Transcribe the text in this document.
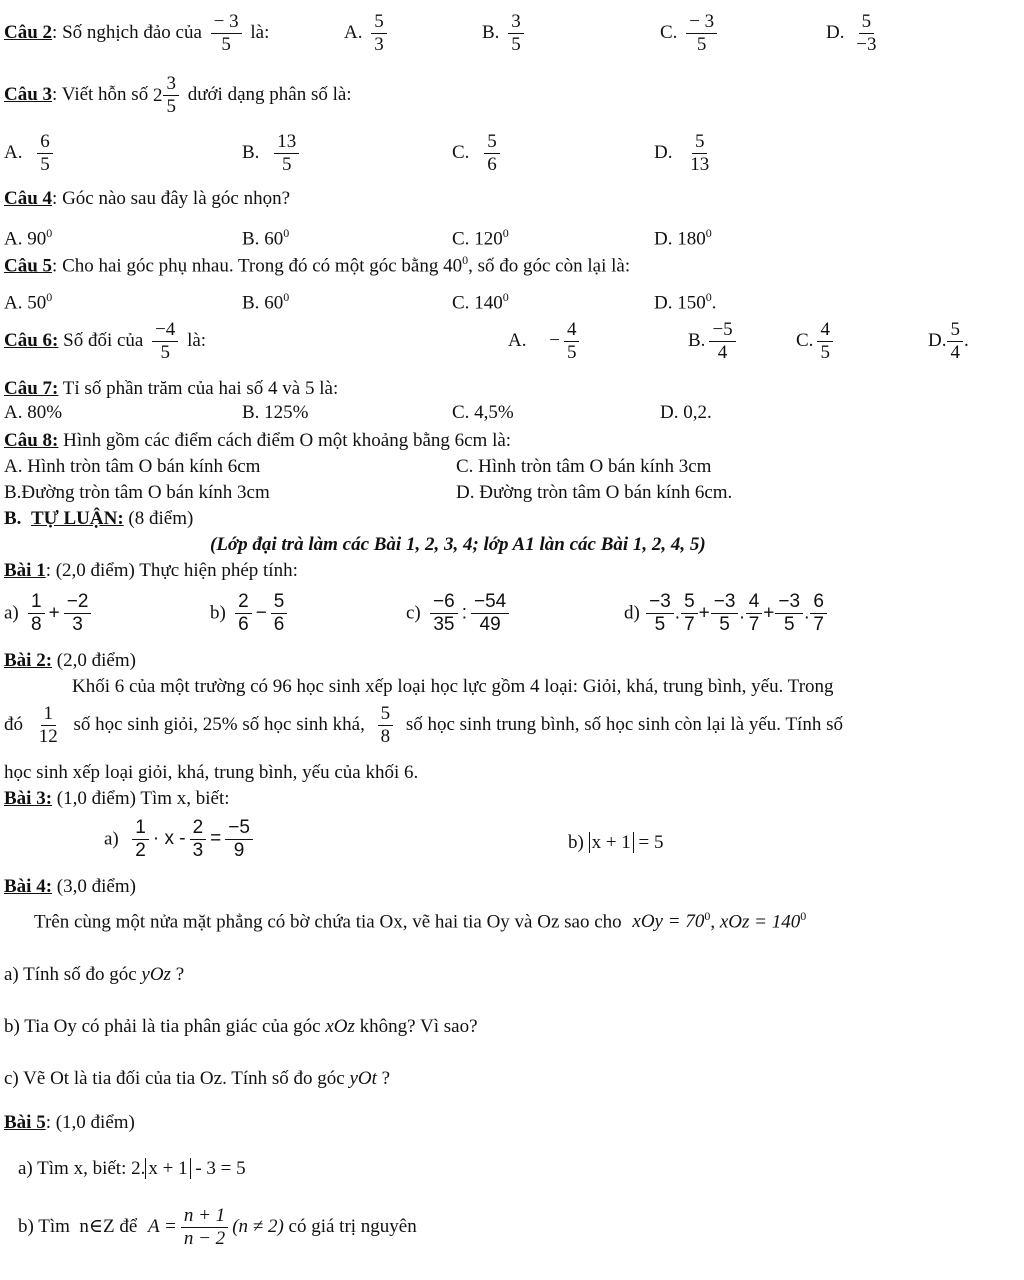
Câu 2: Số nghịch đảo của $\frac{- 3}{5}$ là:	A. $\frac{5}{3}$	B. $\frac{3}{5}$	C. $\frac{- 3}{5}$	D. $\frac{5}{-3}$
Câu 3: Viết hỗn số $2 \frac{3}{5}$ dưới dạng phân số là:
A. $\frac{6}{5}$	B. $\frac{13}{5}$	C. $\frac{5}{6}$	D. $\frac{5}{13}$
Câu 4: Góc nào sau đây là góc nhọn?
A. $90^0$	B. $60^0$	C. $120^0$	D. $180^0$
Câu 5: Cho hai góc phụ nhau. Trong đó có một góc bằng $40^0$, số đo góc còn lại là:
A. $50^0$	B. $60^0$	C. $140^0$	D. $150^0$.
Câu 6: Số đối của $\frac{-4}{5}$ là:	A. − $\frac{4}{5}$	B. $\frac{-5}{4}$	C. $\frac{4}{5}$	D. $\frac{5}{4}$ .
Câu 7: Tỉ số phần trăm của hai số 4 và 5 là:
A. 80%	B. 125%	C. 4,5%	D. 0,2.
Câu 8: Hình gồm các điểm cách điểm O một khoảng bằng 6cm là:
A. Hình tròn tâm O bán kính 6cm	C. Hình tròn tâm O bán kính 3cm
B.Đường tròn tâm O bán kính 3cm	D. Đường tròn tâm O bán kính 6cm.
B. TỰ LUẬN: (8 điểm)
(Lớp đại trà làm các Bài 1, 2, 3, 4; lớp A1 làn các Bài 1, 2, 4, 5)
Bài 1: (2,0 điểm) Thực hiện phép tính:
$a) \frac{1}{8} + \frac{-2}{3}$	$b) \frac{2}{6} - \frac{5}{6}$	$c) \frac{-6}{35}$ : $\frac{-54}{49}$	$d) \frac{-3}{5}$ . $\frac{5}{7} + \frac{-3}{5}$ . $\frac{4}{7} + \frac{-3}{5}$ . $\frac{6}{7}$
Bài 2: (2,0 điểm)
Khối 6 của một trường có 96 học sinh xếp loại học lực gồm 4 loại: Giỏi, khá, trung bình, yếu. Trong
đó $\frac{1}{12}$ số học sinh giỏi, 25% số học sinh khá, $\frac{5}{8}$ số học sinh trung bình, số học sinh còn lại là yếu. Tính số
học sinh xếp loại giỏi, khá, trung bình, yếu của khối 6.
Bài 3: (1,0 điểm) Tìm x, biết:
$a) \frac{1}{2} \cdot x - \frac{2}{3} = \frac{-5}{9}$	b) x + 1 = 5
Bài 4: (3,0 điểm)
Trên cùng một nửa mặt phẳng có bờ chứa tia Ox, vẽ hai tia Oy và Oz sao cho xOy = $70^0$, xOz = $140^0$
a) Tính số đo góc yOz ?
b) Tia Oy có phải là tia phân giác của góc xOz không? Vì sao?
c) Vẽ Ot là tia đối của tia Oz. Tính số đo góc yOt ?
Bài 5: (1,0 điểm)
a) Tìm x, biết: 2. x + 1 - 3 = 5
b) Tìm n∈Z để $A = \frac{n + 1}{n - 2} (n \ne 2)$ có giá trị nguyên
